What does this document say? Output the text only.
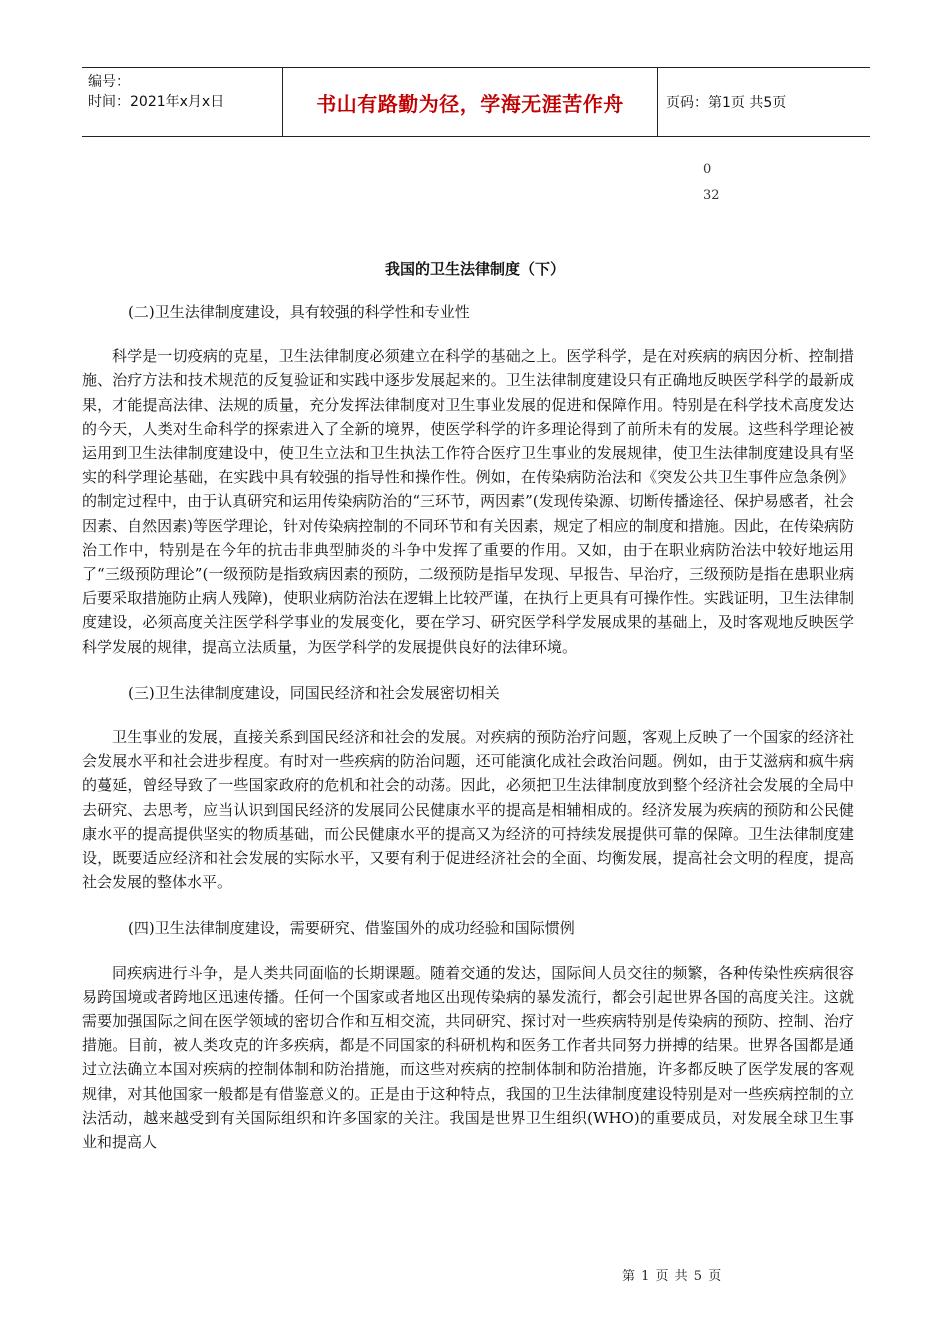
编号：
时间：2021年x月x日	书山有路勤为径，学海无涯苦作舟	页码：第1页 共5页
0
32
我国的卫生法律制度（下）

(二)卫生法律制度建设，具有较强的科学性和专业性

科学是一切疫病的克星，卫生法律制度必须建立在科学的基础之上。医学科学，是在对疾病的病因分析、控制措施、治疗方法和技术规范的反复验证和实践中逐步发展起来的。卫生法律制度建设只有正确地反映医学科学的最新成果，才能提高法律、法规的质量，充分发挥法律制度对卫生事业发展的促进和保障作用。特别是在科学技术高度发达的今天，人类对生命科学的探索进入了全新的境界，使医学科学的许多理论得到了前所未有的发展。这些科学理论被运用到卫生法律制度建设中，使卫生立法和卫生执法工作符合医疗卫生事业的发展规律，使卫生法律制度建设具有坚实的科学理论基础，在实践中具有较强的指导性和操作性。例如，在传染病防治法和《突发公共卫生事件应急条例》的制定过程中，由于认真研究和运用传染病防治的“三环节，两因素”(发现传染源、切断传播途径、保护易感者，社会因素、自然因素)等医学理论，针对传染病控制的不同环节和有关因素，规定了相应的制度和措施。因此，在传染病防治工作中，特别是在今年的抗击非典型肺炎的斗争中发挥了重要的作用。又如，由于在职业病防治法中较好地运用了“三级预防理论”(一级预防是指致病因素的预防，二级预防是指早发现、早报告、早治疗，三级预防是指在患职业病后要采取措施防止病人残障)，使职业病防治法在逻辑上比较严谨，在执行上更具有可操作性。实践证明，卫生法律制度建设，必须高度关注医学科学事业的发展变化，要在学习、研究医学科学发展成果的基础上，及时客观地反映医学科学发展的规律，提高立法质量，为医学科学的发展提供良好的法律环境。

(三)卫生法律制度建设，同国民经济和社会发展密切相关

卫生事业的发展，直接关系到国民经济和社会的发展。对疾病的预防治疗问题，客观上反映了一个国家的经济社会发展水平和社会进步程度。有时对一些疾病的防治问题，还可能演化成社会政治问题。例如，由于艾滋病和疯牛病的蔓延，曾经导致了一些国家政府的危机和社会的动荡。因此，必须把卫生法律制度放到整个经济社会发展的全局中去研究、去思考，应当认识到国民经济的发展同公民健康水平的提高是相辅相成的。经济发展为疾病的预防和公民健康水平的提高提供坚实的物质基础，而公民健康水平的提高又为经济的可持续发展提供可靠的保障。卫生法律制度建设，既要适应经济和社会发展的实际水平，又要有利于促进经济社会的全面、均衡发展，提高社会文明的程度，提高社会发展的整体水平。

(四)卫生法律制度建设，需要研究、借鉴国外的成功经验和国际惯例

同疾病进行斗争，是人类共同面临的长期课题。随着交通的发达，国际间人员交往的频繁，各种传染性疾病很容易跨国境或者跨地区迅速传播。任何一个国家或者地区出现传染病的暴发流行，都会引起世界各国的高度关注。这就需要加强国际之间在医学领域的密切合作和互相交流，共同研究、探讨对一些疾病特别是传染病的预防、控制、治疗措施。目前，被人类攻克的许多疾病，都是不同国家的科研机构和医务工作者共同努力拼搏的结果。世界各国都是通过立法确立本国对疾病的控制体制和防治措施，而这些对疾病的控制体制和防治措施，许多都反映了医学发展的客观规律，对其他国家一般都是有借鉴意义的。正是由于这种特点，我国的卫生法律制度建设特别是对一些疾病控制的立法活动，越来越受到有关国际组织和许多国家的关注。我国是世界卫生组织(WHO)的重要成员，对发展全球卫生事业和提高人

第 1 页 共 5 页
